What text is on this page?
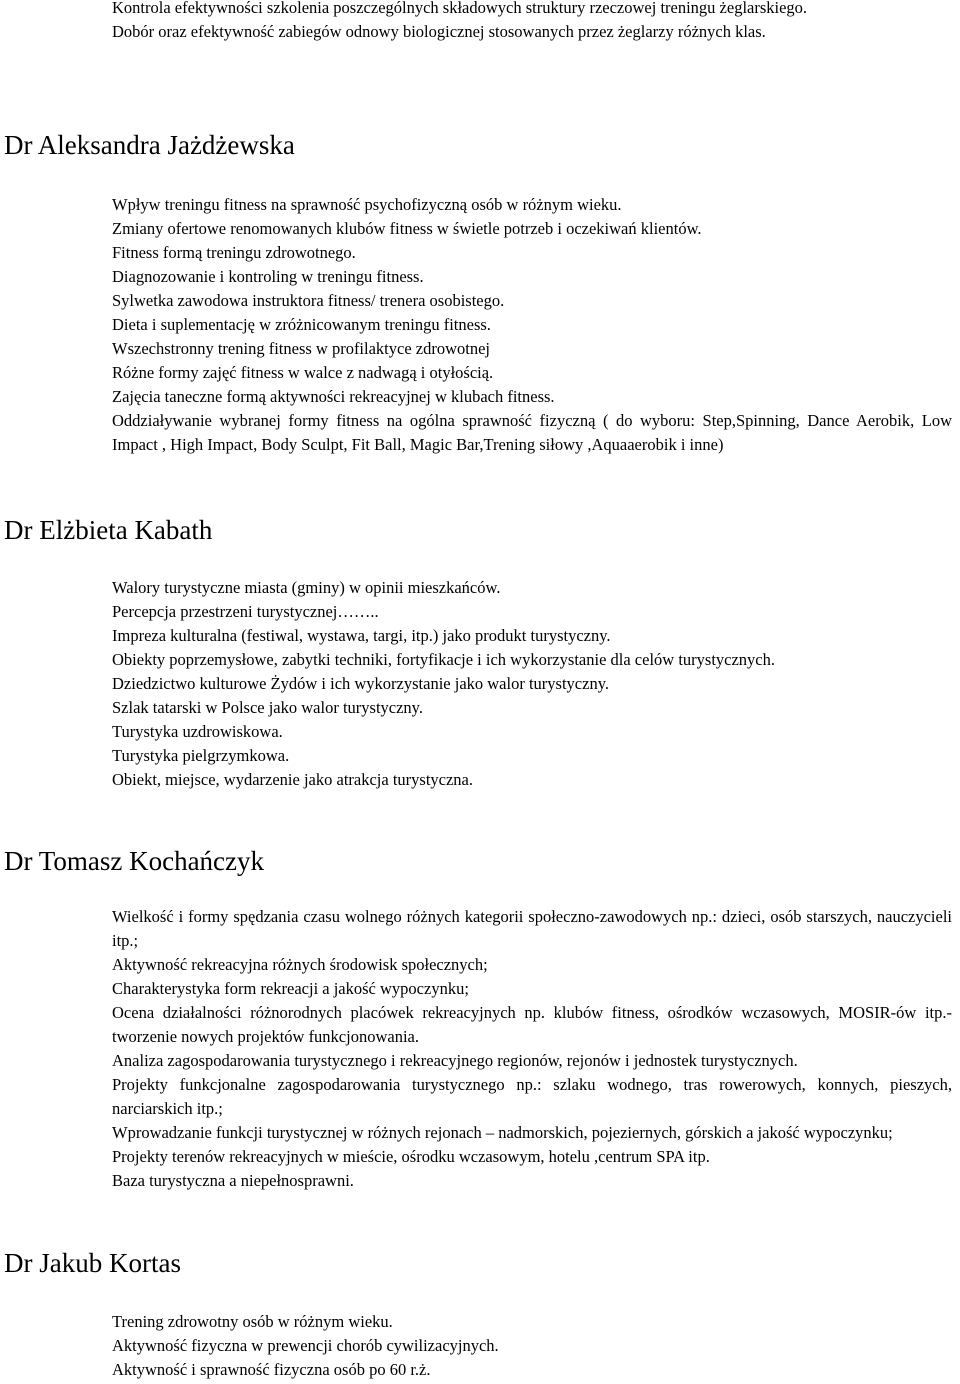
Kontrola efektywności szkolenia poszczególnych składowych struktury rzeczowej treningu żeglarskiego.
Dobór oraz efektywność zabiegów odnowy biologicznej stosowanych przez żeglarzy różnych klas.
Dr Aleksandra Jażdżewska
Wpływ treningu fitness na sprawność psychofizyczną osób w różnym wieku.
Zmiany ofertowe renomowanych klubów fitness w świetle potrzeb i oczekiwań klientów.
Fitness formą treningu zdrowotnego.
Diagnozowanie i kontroling w treningu fitness.
Sylwetka zawodowa instruktora fitness/ trenera osobistego.
Dieta i suplementację w zróżnicowanym treningu fitness.
Wszechstronny trening fitness w profilaktyce zdrowotnej
Różne formy zajęć fitness w walce z nadwagą i otyłością.
Zajęcia taneczne formą aktywności rekreacyjnej w klubach fitness.
Oddziaływanie wybranej formy fitness na ogólna sprawność fizyczną ( do wyboru: Step,Spinning, Dance Aerobik, Low Impact , High Impact, Body Sculpt, Fit Ball, Magic Bar,Trening siłowy ,Aquaaerobik i inne)
Dr Elżbieta Kabath
Walory turystyczne miasta (gminy) w opinii mieszkańców.
Percepcja przestrzeni turystycznej……..
Impreza kulturalna (festiwal, wystawa, targi, itp.) jako produkt turystyczny.
Obiekty poprzemysłowe, zabytki techniki, fortyfikacje i ich wykorzystanie dla celów turystycznych.
Dziedzictwo kulturowe Żydów i ich wykorzystanie jako walor turystyczny.
Szlak tatarski w Polsce jako walor turystyczny.
Turystyka uzdrowiskowa.
Turystyka pielgrzymkowa.
Obiekt, miejsce, wydarzenie jako atrakcja turystyczna.
Dr Tomasz Kochańczyk
Wielkość i formy spędzania czasu wolnego różnych kategorii społeczno-zawodowych np.: dzieci, osób starszych, nauczycieli itp.;
Aktywność rekreacyjna różnych środowisk społecznych;
Charakterystyka form rekreacji a jakość wypoczynku;
Ocena działalności różnorodnych placówek rekreacyjnych np. klubów fitness, ośrodków wczasowych, MOSIR-ów itp.-tworzenie nowych projektów funkcjonowania.
Analiza zagospodarowania turystycznego i rekreacyjnego regionów, rejonów i jednostek turystycznych.
Projekty funkcjonalne zagospodarowania turystycznego np.: szlaku wodnego, tras rowerowych, konnych, pieszych, narciarskich itp.;
Wprowadzanie funkcji turystycznej w różnych rejonach – nadmorskich, pojeziernych, górskich a jakość wypoczynku;
Projekty terenów rekreacyjnych w mieście, ośrodku wczasowym, hotelu ,centrum SPA itp.
Baza turystyczna a niepełnosprawni.
Dr Jakub Kortas
Trening zdrowotny osób w różnym wieku.
Aktywność fizyczna w prewencji chorób cywilizacyjnych.
Aktywność i sprawność fizyczna osób po 60 r.ż.
